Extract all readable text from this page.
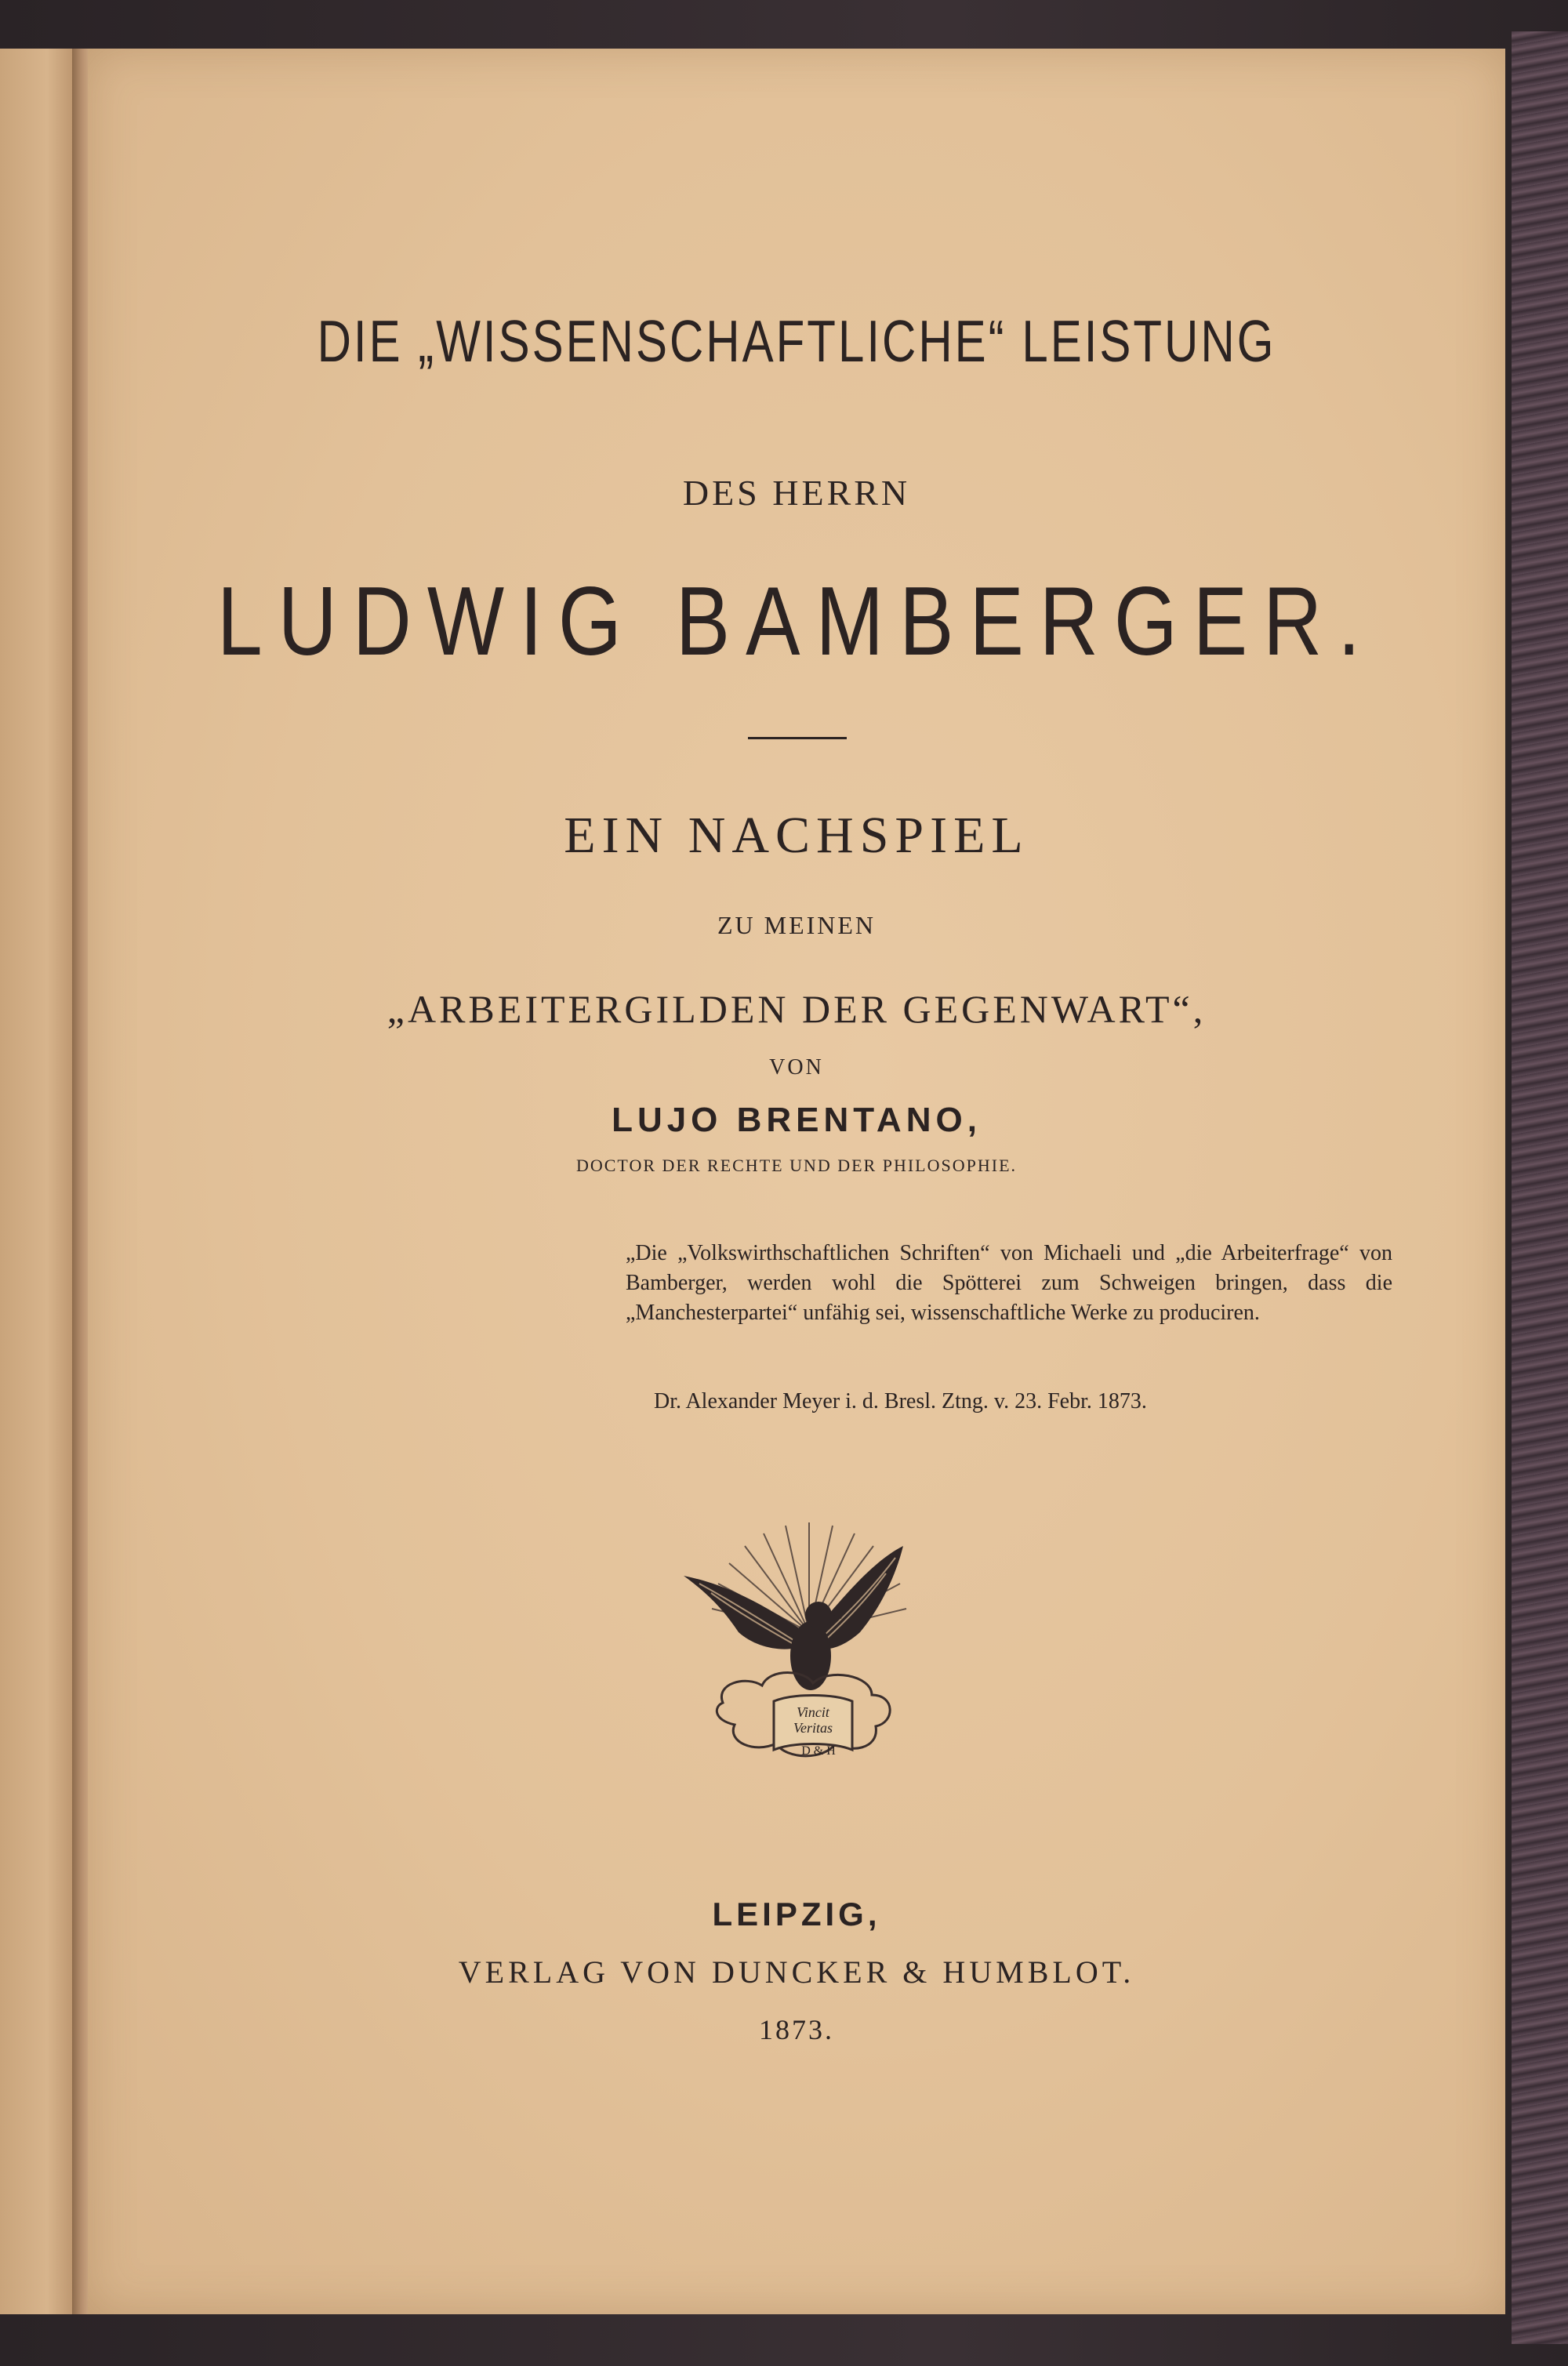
DIE „WISSENSCHAFTLICHE“ LEISTUNG
DES HERRN
LUDWIG BAMBERGER.
EIN NACHSPIEL
ZU MEINEN
„ARBEITERGILDEN DER GEGENWART“,
VON
LUJO BRENTANO,
DOCTOR DER RECHTE UND DER PHILOSOPHIE.
„Die „Volkswirthschaftlichen Schriften“ von Michaeli und „die Arbeiterfrage“ von Bamberger, werden wohl die Spötterei zum Schweigen bringen, dass die „Manchesterpartei“ unfähig sei, wissenschaftliche Werke zu produciren.
Dr. Alexander Meyer i. d. Bresl. Ztng. v. 23. Febr. 1873.
Vincit
Veritas
D & H
LEIPZIG,
VERLAG VON DUNCKER & HUMBLOT.
1873.
